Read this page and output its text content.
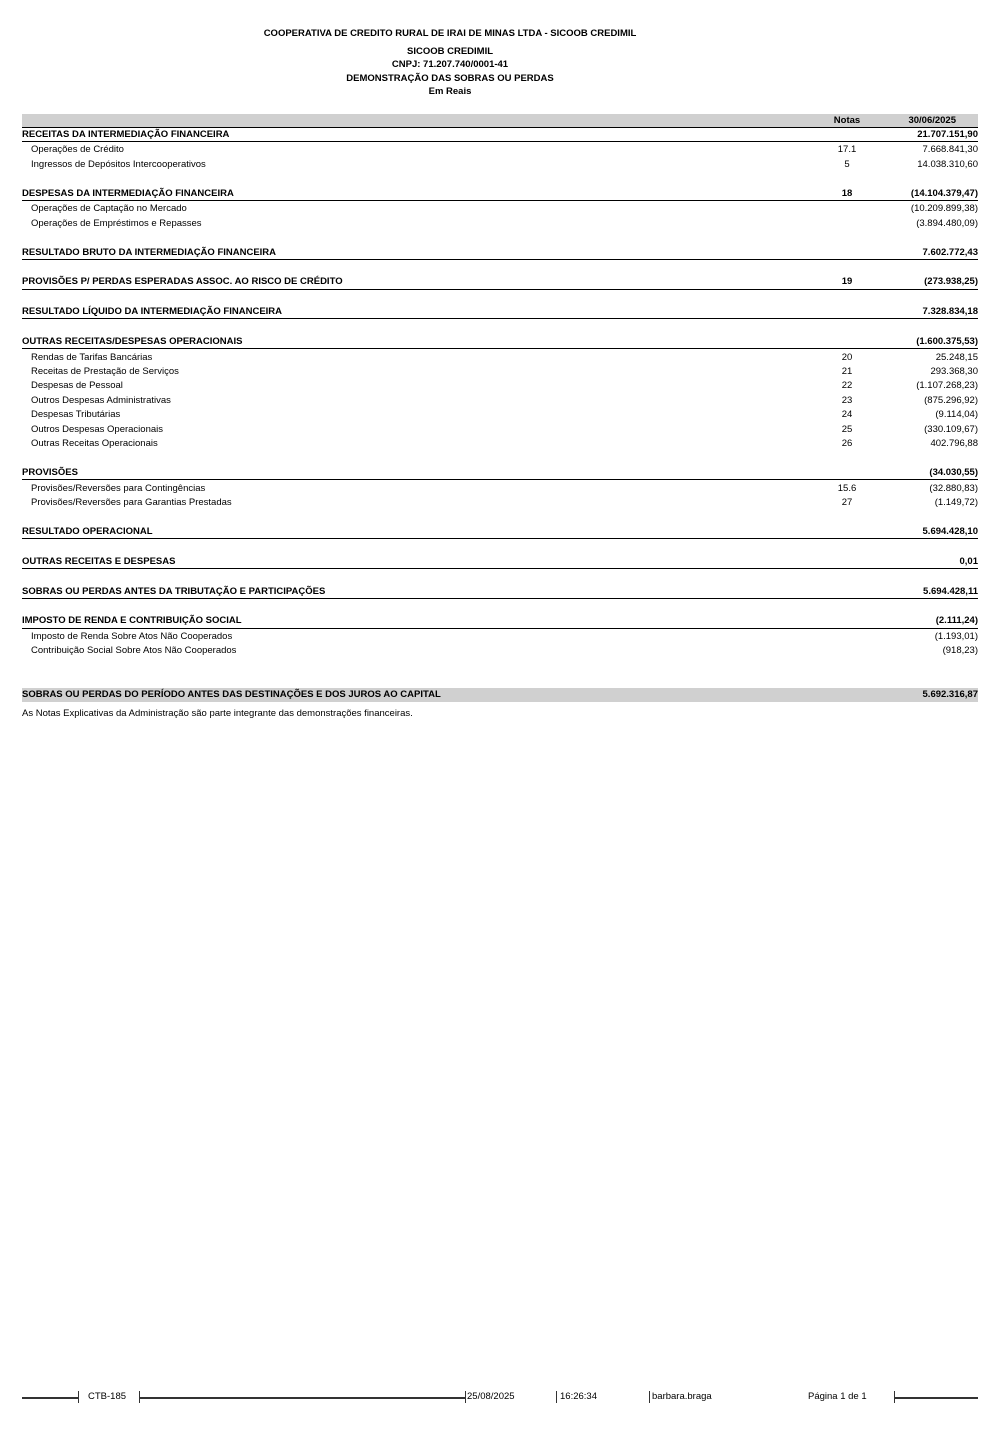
COOPERATIVA DE CREDITO RURAL DE IRAI DE MINAS LTDA - SICOOB CREDIMIL
SICOOB CREDIMIL
CNPJ: 71.207.740/0001-41
DEMONSTRAÇÃO DAS SOBRAS OU PERDAS
Em Reais
Notas	30/06/2025
RECEITAS DA INTERMEDIAÇÃO FINANCEIRA	21.707.151,90
Operações de Crédito	17.1	7.668.841,30
Ingressos de Depósitos Intercooperativos	5	14.038.310,60
DESPESAS DA INTERMEDIAÇÃO FINANCEIRA	18	(14.104.379,47)
Operações de Captação no Mercado	(10.209.899,38)
Operações de Empréstimos e Repasses	(3.894.480,09)
RESULTADO BRUTO DA INTERMEDIAÇÃO FINANCEIRA	7.602.772,43
PROVISÕES P/ PERDAS ESPERADAS ASSOC. AO RISCO DE CRÉDITO	19	(273.938,25)
RESULTADO LÍQUIDO DA INTERMEDIAÇÃO FINANCEIRA	7.328.834,18
OUTRAS RECEITAS/DESPESAS OPERACIONAIS	(1.600.375,53)
Rendas de Tarifas Bancárias	20	25.248,15
Receitas de Prestação de Serviços	21	293.368,30
Despesas de Pessoal	22	(1.107.268,23)
Outros Despesas Administrativas	23	(875.296,92)
Despesas Tributárias	24	(9.114,04)
Outros Despesas Operacionais	25	(330.109,67)
Outras Receitas Operacionais	26	402.796,88
PROVISÕES	(34.030,55)
Provisões/Reversões para Contingências	15.6	(32.880,83)
Provisões/Reversões para Garantias Prestadas	27	(1.149,72)
RESULTADO OPERACIONAL	5.694.428,10
OUTRAS RECEITAS E DESPESAS	0,01
SOBRAS OU PERDAS ANTES DA TRIBUTAÇÃO E PARTICIPAÇÕES	5.694.428,11
IMPOSTO DE RENDA E CONTRIBUIÇÃO SOCIAL	(2.111,24)
Imposto de Renda Sobre Atos Não Cooperados	(1.193,01)
Contribuição Social Sobre Atos Não Cooperados	(918,23)
SOBRAS OU PERDAS DO PERÍODO ANTES DAS DESTINAÇÕES E DOS JUROS AO CAPITAL	5.692.316,87
As Notas Explicativas da Administração são parte integrante das demonstrações financeiras.
CTB-185	25/08/2025	16:26:34	barbara.braga	Página 1 de 1
